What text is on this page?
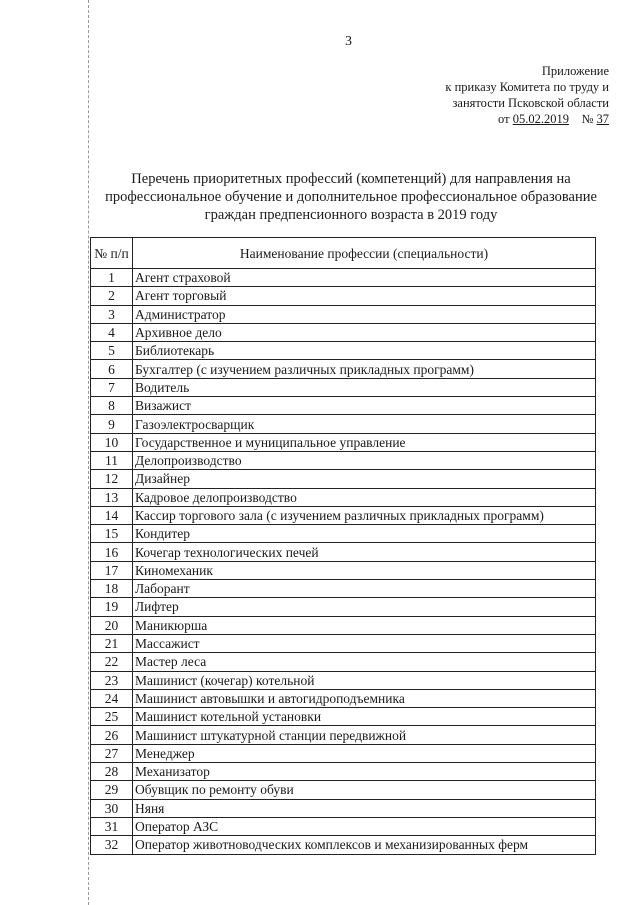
3
Приложение
к приказу Комитета по труду и
занятости Псковской области
от 05.02.2019 № 37
Перечень приоритетных профессий (компетенций) для направления на
профессиональное обучение и дополнительное профессиональное образование
граждан предпенсионного возраста в 2019 году
№ п/п	Наименование профессии (специальности)
1	Агент страховой
2	Агент торговый
3	Администратор
4	Архивное дело
5	Библиотекарь
6	Бухгалтер (с изучением различных прикладных программ)
7	Водитель
8	Визажист
9	Газоэлектросварщик
10	Государственное и муниципальное управление
11	Делопроизводство
12	Дизайнер
13	Кадровое делопроизводство
14	Кассир торгового зала (с изучением различных прикладных программ)
15	Кондитер
16	Кочегар технологических печей
17	Киномеханик
18	Лаборант
19	Лифтер
20	Маникюрша
21	Массажист
22	Мастер леса
23	Машинист (кочегар) котельной
24	Машинист автовышки и автогидроподъемника
25	Машинист котельной установки
26	Машинист штукатурной станции передвижной
27	Менеджер
28	Механизатор
29	Обувщик по ремонту обуви
30	Няня
31	Оператор АЗС
32	Оператор животноводческих комплексов и механизированных ферм
